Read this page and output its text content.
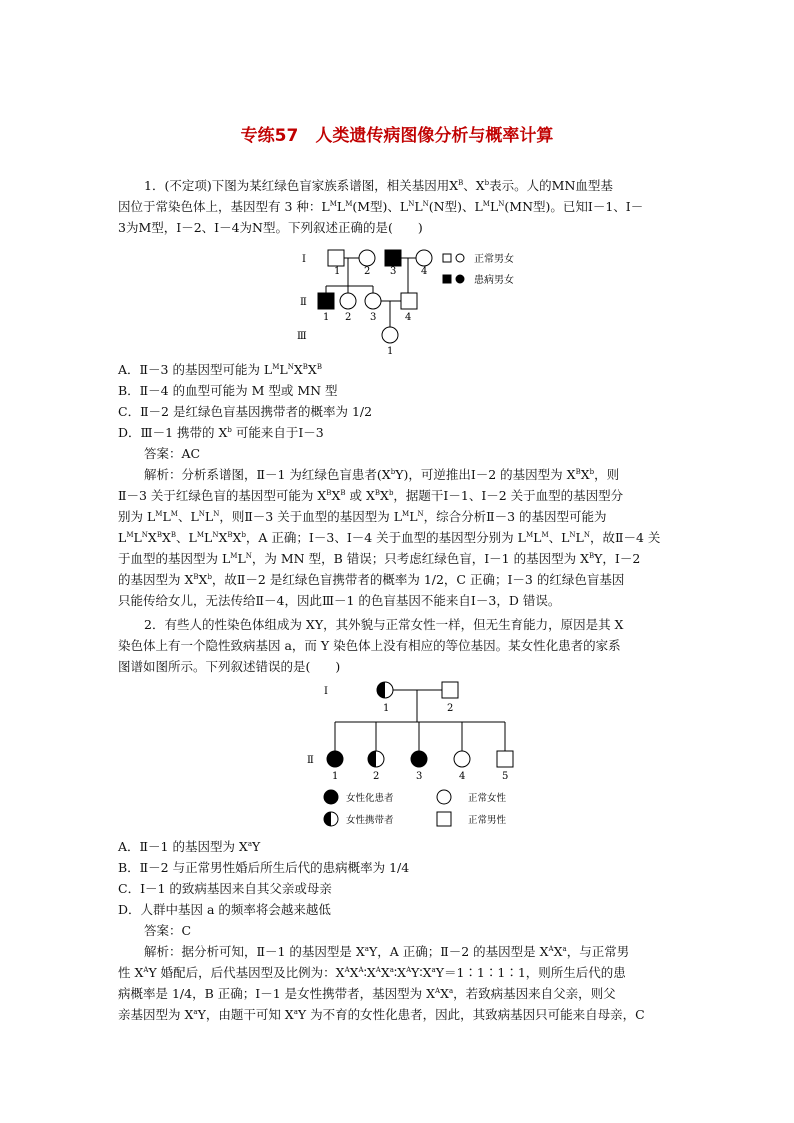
专练57　人类遗传病图像分析与概率计算
1．(不定项)下图为某红绿色盲家族系谱图，相关基因用$X^B$、$X^b$表示。人的MN血型基
因位于常染色体上，基因型有 3 种：$L^ML^M(M$型)、$L^NL^N(N$型)、$L^ML^N(MN$型)。已知Ⅰ－1、Ⅰ－
3为M型，Ⅰ－2、Ⅰ－4为N型。下列叙述正确的是(　　)
Ⅰ
Ⅱ
Ⅲ
1 2 3 4
1 2 3	4
1
正常男女
患病男女
A．Ⅱ－3 的基因型可能为 $L^ML^NX^BX^B$
B．Ⅱ－4 的血型可能为 M 型或 MN 型
C．Ⅱ－2 是红绿色盲基因携带者的概率为 1/2
D．Ⅲ－1 携带的 $X^b$ 可能来自于Ⅰ－3
答案：AC
解析：分析系谱图，Ⅱ－1 为红绿色盲患者$(X^bY)$，可逆推出Ⅰ－2 的基因型为 $X^BX^b$，则
Ⅱ－3 关于红绿色盲的基因型可能为 $X^BX^B$ 或 $X^BX^b$，据题干Ⅰ－1、Ⅰ－2 关于血型的基因型分
别为 $L^ML^M$、$L^NL^N$，则Ⅱ－3 关于血型的基因型为 $L^ML^N$，综合分析Ⅱ－3 的基因型可能为
$L^ML^NX^BX^B$、$L^ML^NX^BX^b$，A 正确；Ⅰ－3、Ⅰ－4 关于血型的基因型分别为 $L^ML^M$、$L^NL^N$，故Ⅱ－4 关
于血型的基因型为 $L^ML^N$，为 MN 型，B 错误；只考虑红绿色盲，Ⅰ－1 的基因型为 $X^BY$，Ⅰ－2
的基因型为 $X^BX^b$，故Ⅱ－2 是红绿色盲携带者的概率为 1/2，C 正确；Ⅰ－3 的红绿色盲基因
只能传给女儿，无法传给Ⅱ－4，因此Ⅲ－1 的色盲基因不能来自Ⅰ－3，D 错误。
2．有些人的性染色体组成为 XY，其外貌与正常女性一样，但无生育能力，原因是其 X
染色体上有一个隐性致病基因 a，而 Y 染色体上没有相应的等位基因。某女性化患者的家系
图谱如图所示。下列叙述错误的是(　　)
Ⅰ
Ⅱ
1	2
1	2	3	4	5
女性化患者
女性携带者
正常女性
正常男性
A．Ⅱ－1 的基因型为 $X^aY$
B．Ⅱ－2 与正常男性婚后所生后代的患病概率为 1/4
C．Ⅰ－1 的致病基因来自其父亲或母亲
D．人群中基因 a 的频率将会越来越低
答案：C
解析：据分析可知，Ⅱ－1 的基因型是 $X^aY$，A 正确；Ⅱ－2 的基因型是 $X^AX^a$，与正常男
性 $X^AY$ 婚配后，后代基因型及比例为：$X^AX^A∶X^AX^a∶X^AY∶X^aY=1∶1∶1∶1$，则所生后代的患
病概率是 1/4，B 正确；Ⅰ－1 是女性携带者，基因型为 $X^AX^a$，若致病基因来自父亲，则父
亲基因型为 $X^aY$，由题干可知 $X^aY$ 为不育的女性化患者，因此，其致病基因只可能来自母亲，C
